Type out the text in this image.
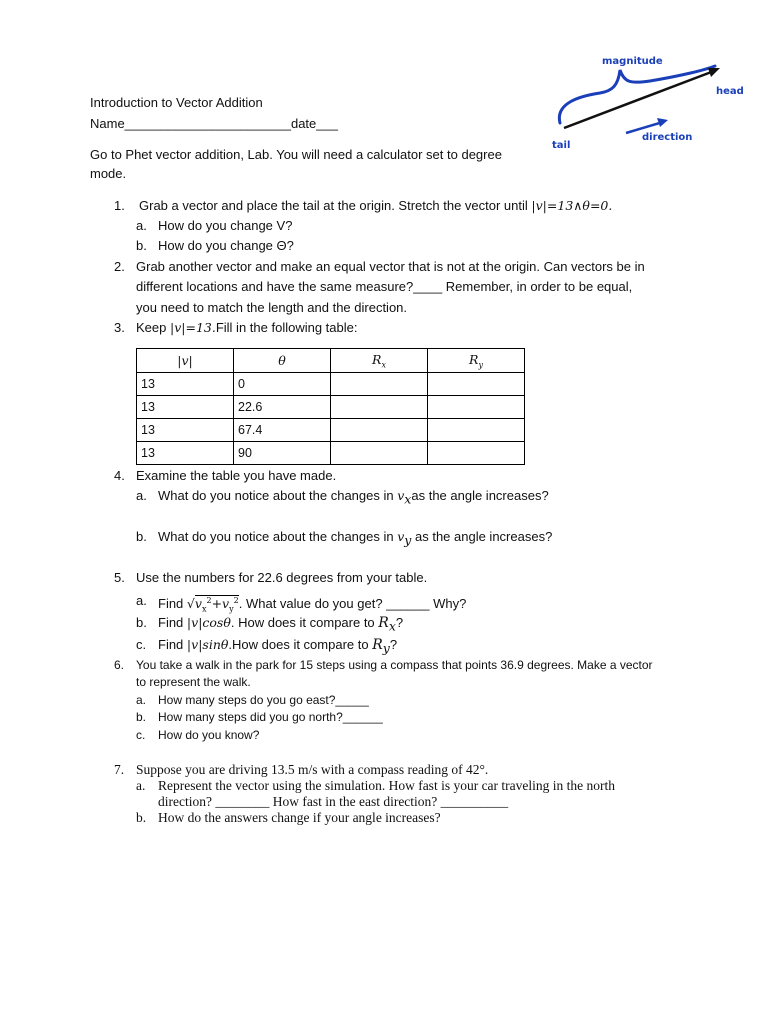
magnitude
head
tail
direction
Introduction to Vector Addition
Name_______________________date___
Go to Phet vector addition, Lab. You will need a calculator set to degree
mode.
1. Grab a vector and place the tail at the origin. Stretch the vector until |v|=13∧θ=0.
a. How do you change V?
b. How do you change Θ?
2. Grab another vector and make an equal vector that is not at the origin. Can vectors be in
different locations and have the same measure?____ Remember, in order to be equal,
you need to match the length and the direction.
3. Keep |v|=13.Fill in the following table:
|v|	θ	$R_x$	$R_y$
13	0		
13	22.6		
13	67.4		
13	90		
4. Examine the table you have made.
a. What do you notice about the changes in $v_xas$ the angle increases?
b. What do you notice about the changes in $v_y$ as the angle increases?
5. Use the numbers for 22.6 degrees from your table.
a. Find $√v_x^2+v_y^2$. What value do you get? ______ Why?
b. Find |v|cosθ. How does it compare to $R_x$?
c. Find |v|sinθ.How does it compare to $R_y$?
6. You take a walk in the park for 15 steps using a compass that points 36.9 degrees. Make a vector
to represent the walk.
a. How many steps do you go east?_____
b. How many steps did you go north?______
c. How do you know?
7. Suppose you are driving 13.5 m/s with a compass reading of 42°.
a. Represent the vector using the simulation. How fast is your car traveling in the north
direction? ________ How fast in the east direction? __________
b. How do the answers change if your angle increases?
